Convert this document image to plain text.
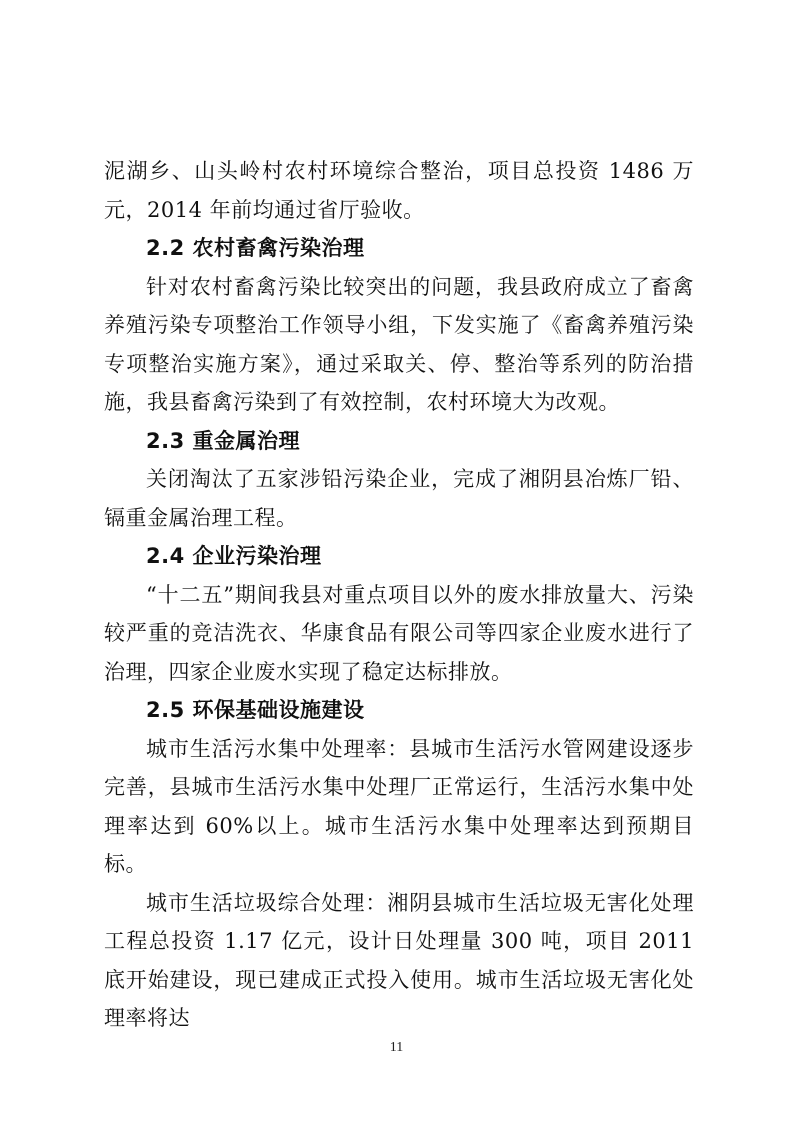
泥湖乡、山头岭村农村环境综合整治，项目总投资 1486 万元，2014 年前均通过省厅验收。

2.2 农村畜禽污染治理

针对农村畜禽污染比较突出的问题，我县政府成立了畜禽养殖污染专项整治工作领导小组，下发实施了《畜禽养殖污染专项整治实施方案》，通过采取关、停、整治等系列的防治措施，我县畜禽污染到了有效控制，农村环境大为改观。

2.3 重金属治理

关闭淘汰了五家涉铅污染企业，完成了湘阴县冶炼厂铅、镉重金属治理工程。

2.4 企业污染治理

“十二五”期间我县对重点项目以外的废水排放量大、污染较严重的竞洁洗衣、华康食品有限公司等四家企业废水进行了治理，四家企业废水实现了稳定达标排放。

2.5 环保基础设施建设

城市生活污水集中处理率：县城市生活污水管网建设逐步完善，县城市生活污水集中处理厂正常运行，生活污水集中处理率达到 60%以上。城市生活污水集中处理率达到预期目标。

城市生活垃圾综合处理：湘阴县城市生活垃圾无害化处理工程总投资 1.17 亿元，设计日处理量 300 吨，项目 2011 底开始建设，现已建成正式投入使用。城市生活垃圾无害化处理率将达

11
